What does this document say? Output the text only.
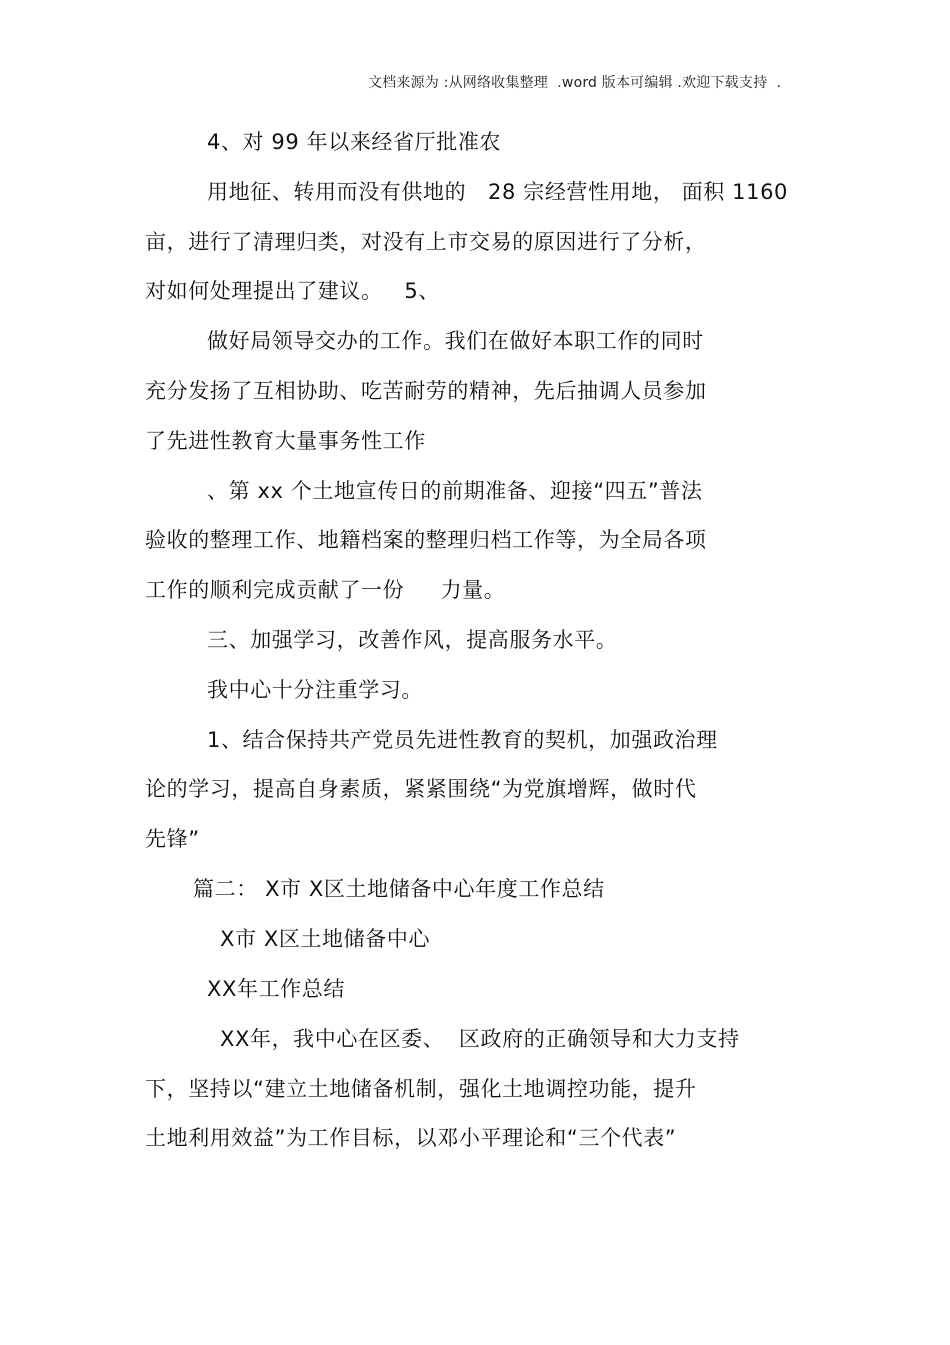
文档来源为 :从网络收集整理  .word 版本可编辑 .欢迎下载支持  .
4、对 99 年以来经省厅批准农
用地征、转用而没有供地的   28 宗经营性用地， 面积 1160
亩，进行了清理归类，对没有上市交易的原因进行了分析，
对如何处理提出了建议。   5、
做好局领导交办的工作。我们在做好本职工作的同时
充分发扬了互相协助、吃苦耐劳的精神，先后抽调人员参加
了先进性教育大量事务性工作
、第 xx 个土地宣传日的前期准备、迎接“四五”普法
验收的整理工作、地籍档案的整理归档工作等，为全局各项
工作的顺利完成贡献了一份     力量。
三、加强学习，改善作风，提高服务水平。
我中心十分注重学习。
1、结合保持共产党员先进性教育的契机，加强政治理
论的学习，提高自身素质，紧紧围绕“为党旗增辉，做时代
先锋”
篇二： X市 X区土地储备中心年度工作总结
X市 X区土地储备中心
XX年工作总结
XX年，我中心在区委、  区政府的正确领导和大力支持
下，坚持以“建立土地储备机制，强化土地调控功能，提升
土地利用效益”为工作目标，以邓小平理论和“三个代表”
